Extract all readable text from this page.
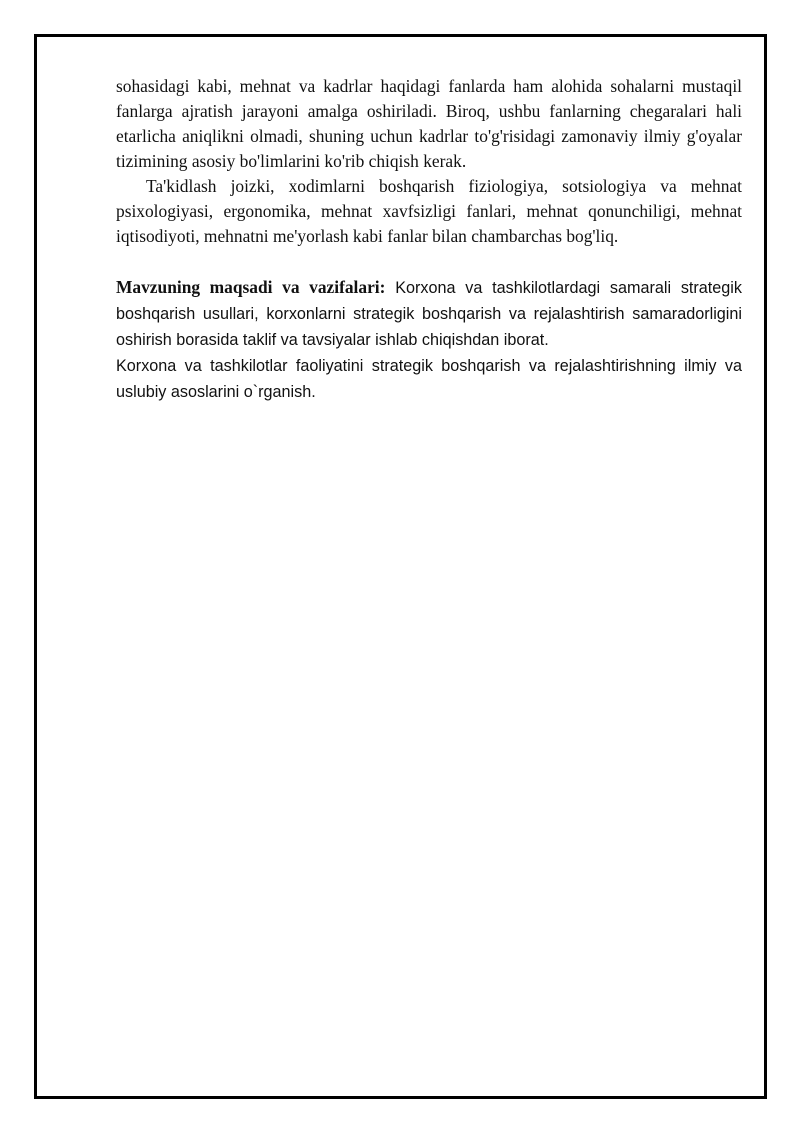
sohasidagi kabi, mehnat va kadrlar haqidagi fanlarda ham alohida sohalarni mustaqil fanlarga ajratish jarayoni amalga oshiriladi. Biroq, ushbu fanlarning chegaralari hali etarlicha aniqlikni olmadi, shuning uchun kadrlar to'g'risidagi zamonaviy ilmiy g'oyalar tizimining asosiy bo'limlarini ko'rib chiqish kerak.

Ta'kidlash joizki, xodimlarni boshqarish fiziologiya, sotsiologiya va mehnat psixologiyasi, ergonomika, mehnat xavfsizligi fanlari, mehnat qonunchiligi, mehnat iqtisodiyoti, mehnatni me'yorlash kabi fanlar bilan chambarchas bog'liq.

Mavzuning maqsadi va vazifalari: Korxona va tashkilotlardagi samarali strategik boshqarish usullari, korxonlarni strategik boshqarish va rejalashtirish samaradorligini oshirish borasida taklif va tavsiyalar ishlab chiqishdan iborat.

Korxona va tashkilotlar faoliyatini strategik boshqarish va rejalashtirishning ilmiy va uslubiy asoslarini o`rganish.
